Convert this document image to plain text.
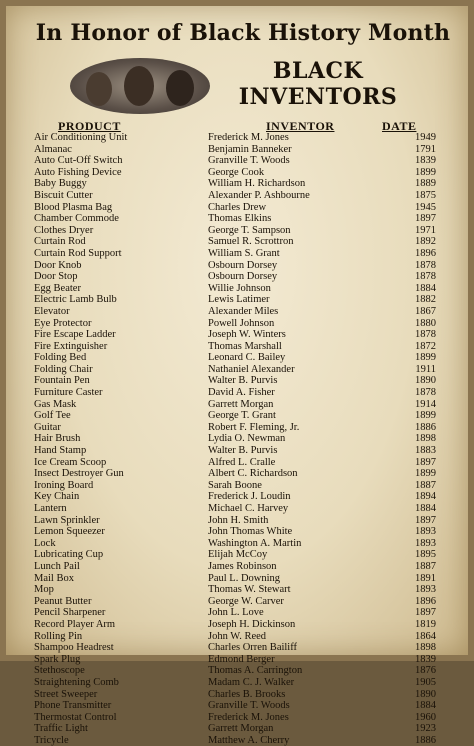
In Honor of Black History Month
BLACK
INVENTORS
PRODUCT	INVENTOR	DATE
Air Conditioning Unit	Frederick M. Jones	1949
Almanac	Benjamin Banneker	1791
Auto Cut-Off Switch	Granville T. Woods	1839
Auto Fishing Device	George Cook	1899
Baby Buggy	William H. Richardson	1889
Biscuit Cutter	Alexander P. Ashbourne	1875
Blood Plasma Bag	Charles Drew	1945
Chamber Commode	Thomas Elkins	1897
Clothes Dryer	George T. Sampson	1971
Curtain Rod	Samuel R. Scrottron	1892
Curtain Rod Support	William S. Grant	1896
Door Knob	Osbourn Dorsey	1878
Door Stop	Osbourn Dorsey	1878
Egg Beater	Willie Johnson	1884
Electric Lamb Bulb	Lewis Latimer	1882
Elevator	Alexander Miles	1867
Eye Protector	Powell Johnson	1880
Fire Escape Ladder	Joseph W. Winters	1878
Fire Extinguisher	Thomas Marshall	1872
Folding Bed	Leonard C. Bailey	1899
Folding Chair	Nathaniel Alexander	1911
Fountain Pen	Walter B. Purvis	1890
Furniture Caster	David A. Fisher	1878
Gas Mask	Garrett Morgan	1914
Golf Tee	George T. Grant	1899
Guitar	Robert F. Fleming, Jr.	1886
Hair Brush	Lydia O. Newman	1898
Hand Stamp	Walter B. Purvis	1883
Ice Cream Scoop	Alfred L. Cralle	1897
Insect Destroyer Gun	Albert C. Richardson	1899
Ironing Board	Sarah Boone	1887
Key Chain	Frederick J. Loudin	1894
Lantern	Michael C. Harvey	1884
Lawn Sprinkler	John H. Smith	1897
Lemon Squeezer	John Thomas White	1893
Lock	Washington A. Martin	1893
Lubricating Cup	Elijah McCoy	1895
Lunch Pail	James Robinson	1887
Mail Box	Paul L. Downing	1891
Mop	Thomas W. Stewart	1893
Peanut Butter	George W. Carver	1896
Pencil Sharpener	John L. Love	1897
Record Player Arm	Joseph H. Dickinson	1819
Rolling Pin	John W. Reed	1864
Shampoo Headrest	Charles Orren Bailiff	1898
Spark Plug	Edmond Berger	1839
Stethoscope	Thomas A. Carrington	1876
Straightening Comb	Madam C. J. Walker	1905
Street Sweeper	Charles B. Brooks	1890
Phone Transmitter	Granville T. Woods	1884
Thermostat Control	Frederick M. Jones	1960
Traffic Light	Garrett Morgan	1923
Tricycle	Matthew A. Cherry	1886
